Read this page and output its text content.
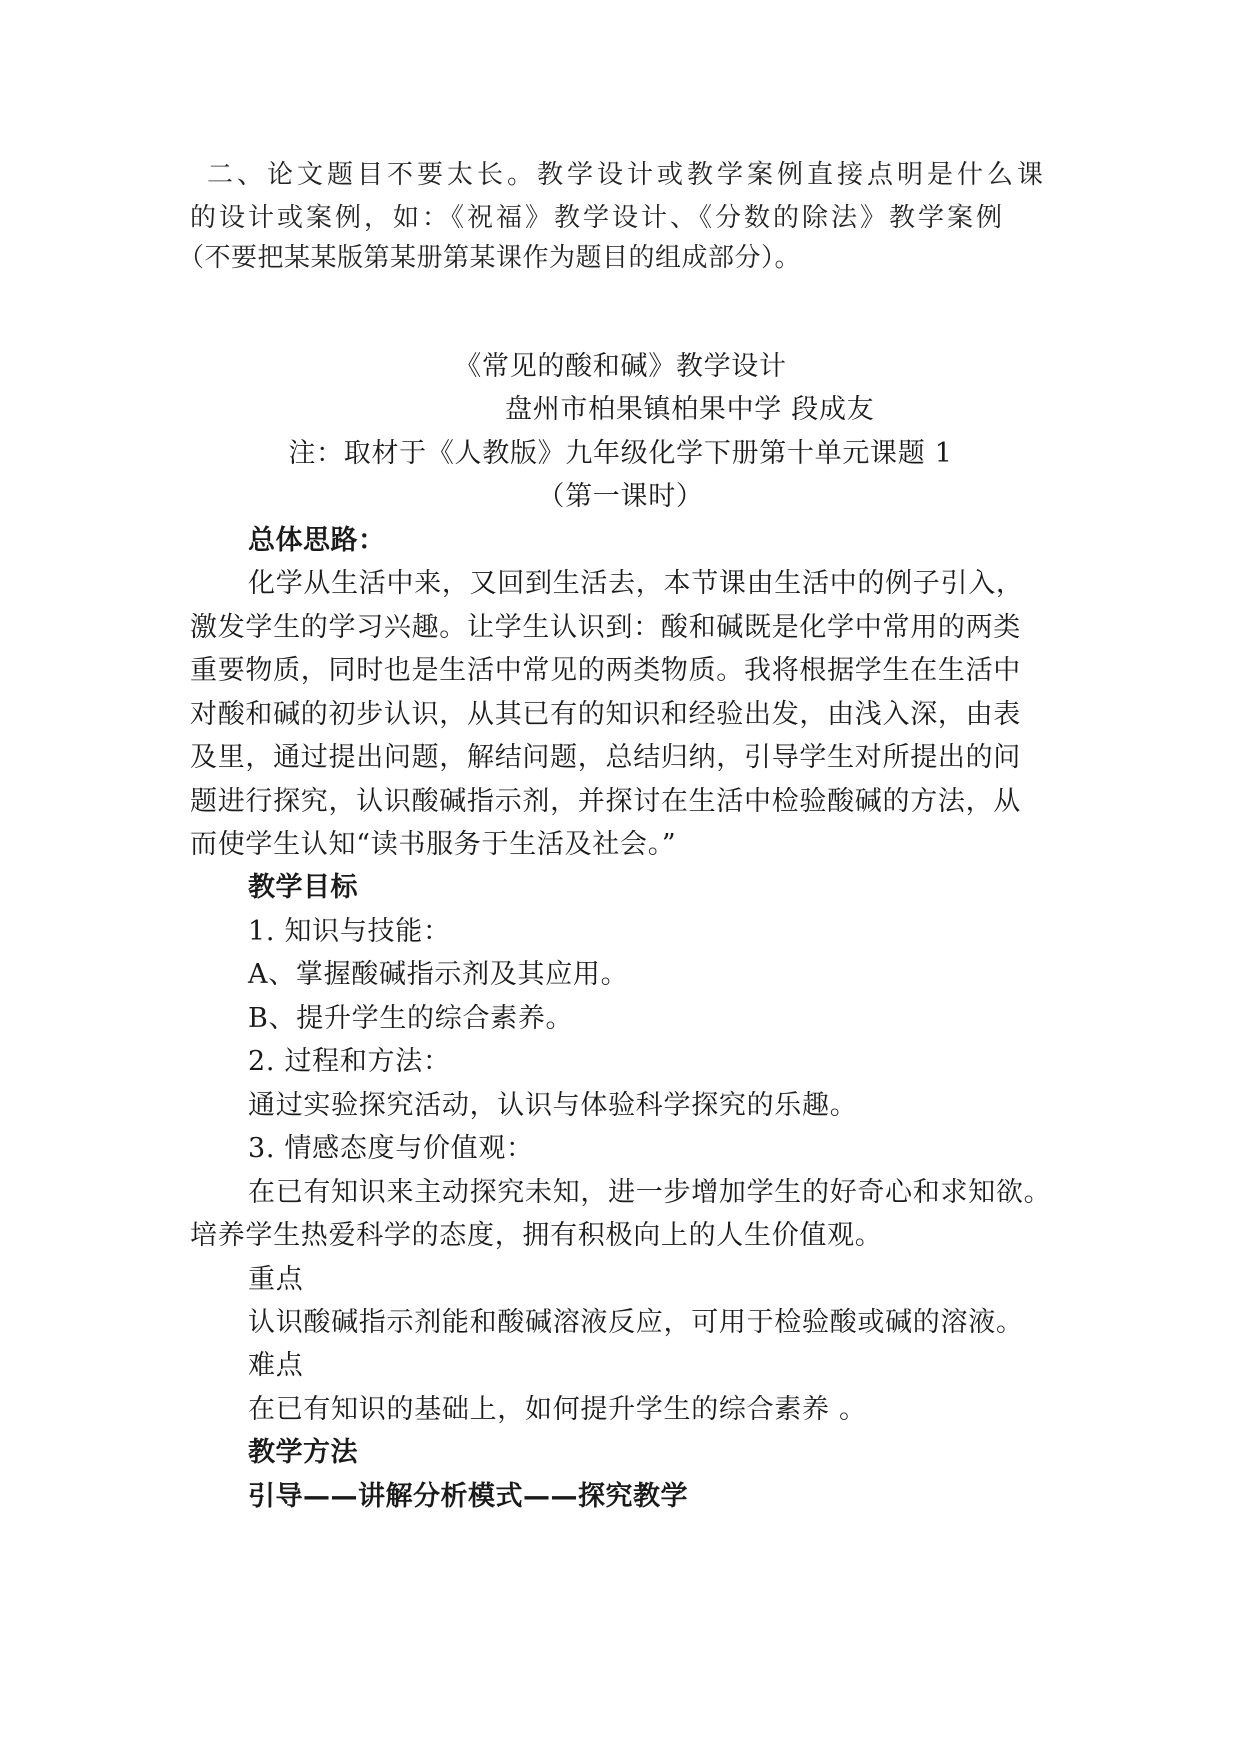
二、论文题目不要太长。教学设计或教学案例直接点明是什么课
的设计或案例，如：《祝福》教学设计、《分数的除法》教学案例
（不要把某某版第某册第某课作为题目的组成部分）。
《常见的酸和碱》教学设计
盘州市柏果镇柏果中学 段成友
注：取材于《人教版》九年级化学下册第十单元课题 1
（第一课时）
总体思路：
化学从生活中来，又回到生活去，本节课由生活中的例子引入，
激发学生的学习兴趣。让学生认识到：酸和碱既是化学中常用的两类
重要物质，同时也是生活中常见的两类物质。我将根据学生在生活中
对酸和碱的初步认识，从其已有的知识和经验出发，由浅入深，由表
及里，通过提出问题，解结问题，总结归纳，引导学生对所提出的问
题进行探究，认识酸碱指示剂，并探讨在生活中检验酸碱的方法，从
而使学生认知“读书服务于生活及社会。”
教学目标
1. 知识与技能：
A、掌握酸碱指示剂及其应用。
B、提升学生的综合素养。
2. 过程和方法：
通过实验探究活动，认识与体验科学探究的乐趣。
3. 情感态度与价值观：
在已有知识来主动探究未知，进一步增加学生的好奇心和求知欲。
培养学生热爱科学的态度，拥有积极向上的人生价值观。
重点
认识酸碱指示剂能和酸碱溶液反应，可用于检验酸或碱的溶液。
难点
在已有知识的基础上，如何提升学生的综合素养 。
教学方法
引导——讲解分析模式——探究教学
